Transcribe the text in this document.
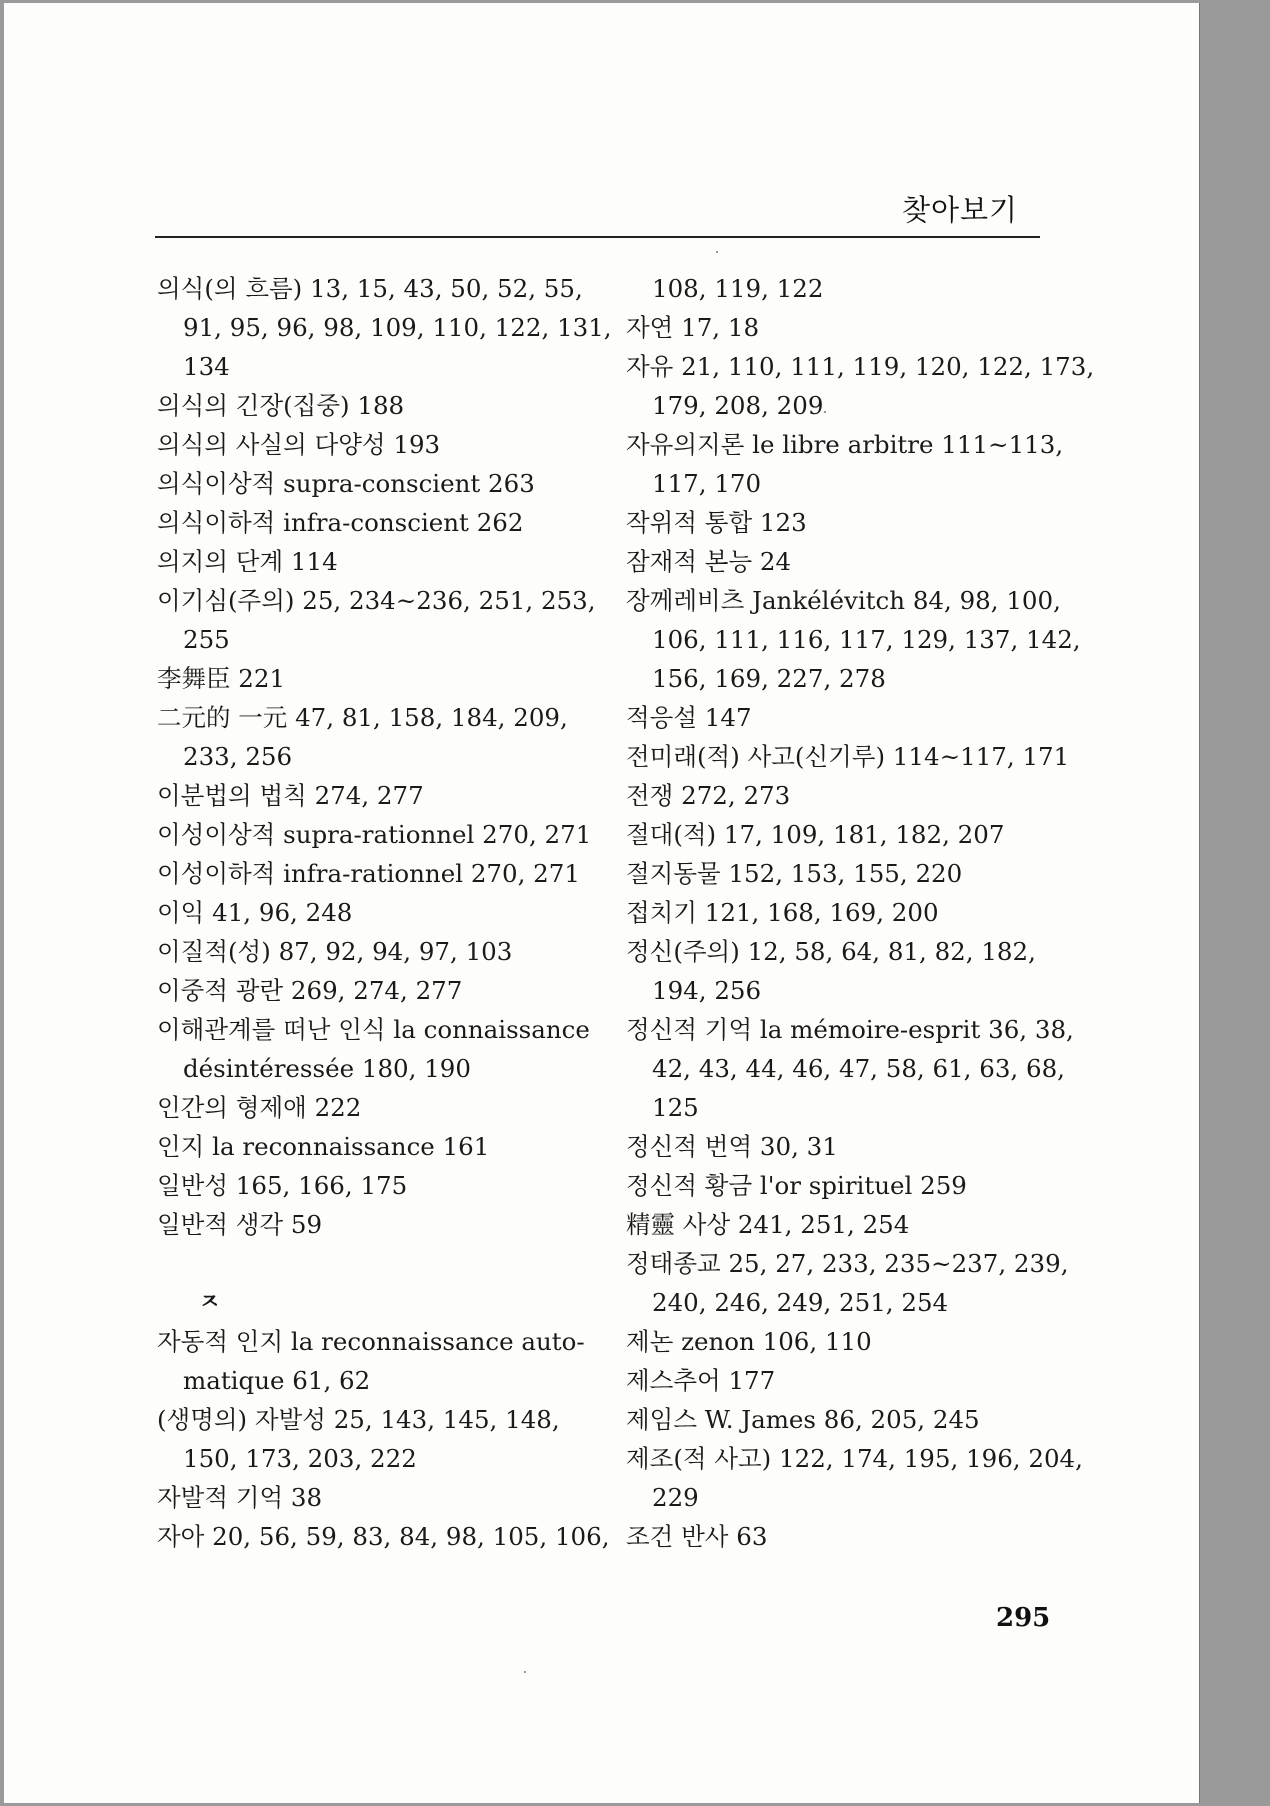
찾아보기
의식(의 흐름) 13, 15, 43, 50, 52, 55,
91, 95, 96, 98, 109, 110, 122, 131,
134
의식의 긴장(집중) 188
의식의 사실의 다양성 193
의식이상적 supra-conscient 263
의식이하적 infra-conscient 262
의지의 단계 114
이기심(주의) 25, 234~236, 251, 253,
255
李舞臣 221
二元的 一元 47, 81, 158, 184, 209,
233, 256
이분법의 법칙 274, 277
이성이상적 supra-rationnel 270, 271
이성이하적 infra-rationnel 270, 271
이익 41, 96, 248
이질적(성) 87, 92, 94, 97, 103
이중적 광란 269, 274, 277
이해관계를 떠난 인식 la connaissance
désintéressée 180, 190
인간의 형제애 222
인지 la reconnaissance 161
일반성 165, 166, 175
일반적 생각 59
ㅈ
자동적 인지 la reconnaissance auto-
matique 61, 62
(생명의) 자발성 25, 143, 145, 148,
150, 173, 203, 222
자발적 기억 38
자아 20, 56, 59, 83, 84, 98, 105, 106,
108, 119, 122
자연 17, 18
자유 21, 110, 111, 119, 120, 122, 173,
179, 208, 209
자유의지론 le libre arbitre 111~113,
117, 170
작위적 통합 123
잠재적 본능 24
장께레비츠 Jankélévitch 84, 98, 100,
106, 111, 116, 117, 129, 137, 142,
156, 169, 227, 278
적응설 147
전미래(적) 사고(신기루) 114~117, 171
전쟁 272, 273
절대(적) 17, 109, 181, 182, 207
절지동물 152, 153, 155, 220
접치기 121, 168, 169, 200
정신(주의) 12, 58, 64, 81, 82, 182,
194, 256
정신적 기억 la mémoire-esprit 36, 38,
42, 43, 44, 46, 47, 58, 61, 63, 68,
125
정신적 번역 30, 31
정신적 황금 l'or spirituel 259
精靈 사상 241, 251, 254
정태종교 25, 27, 233, 235~237, 239,
240, 246, 249, 251, 254
제논 zenon 106, 110
제스추어 177
제임스 W. James 86, 205, 245
제조(적 사고) 122, 174, 195, 196, 204,
229
조건 반사 63
295
